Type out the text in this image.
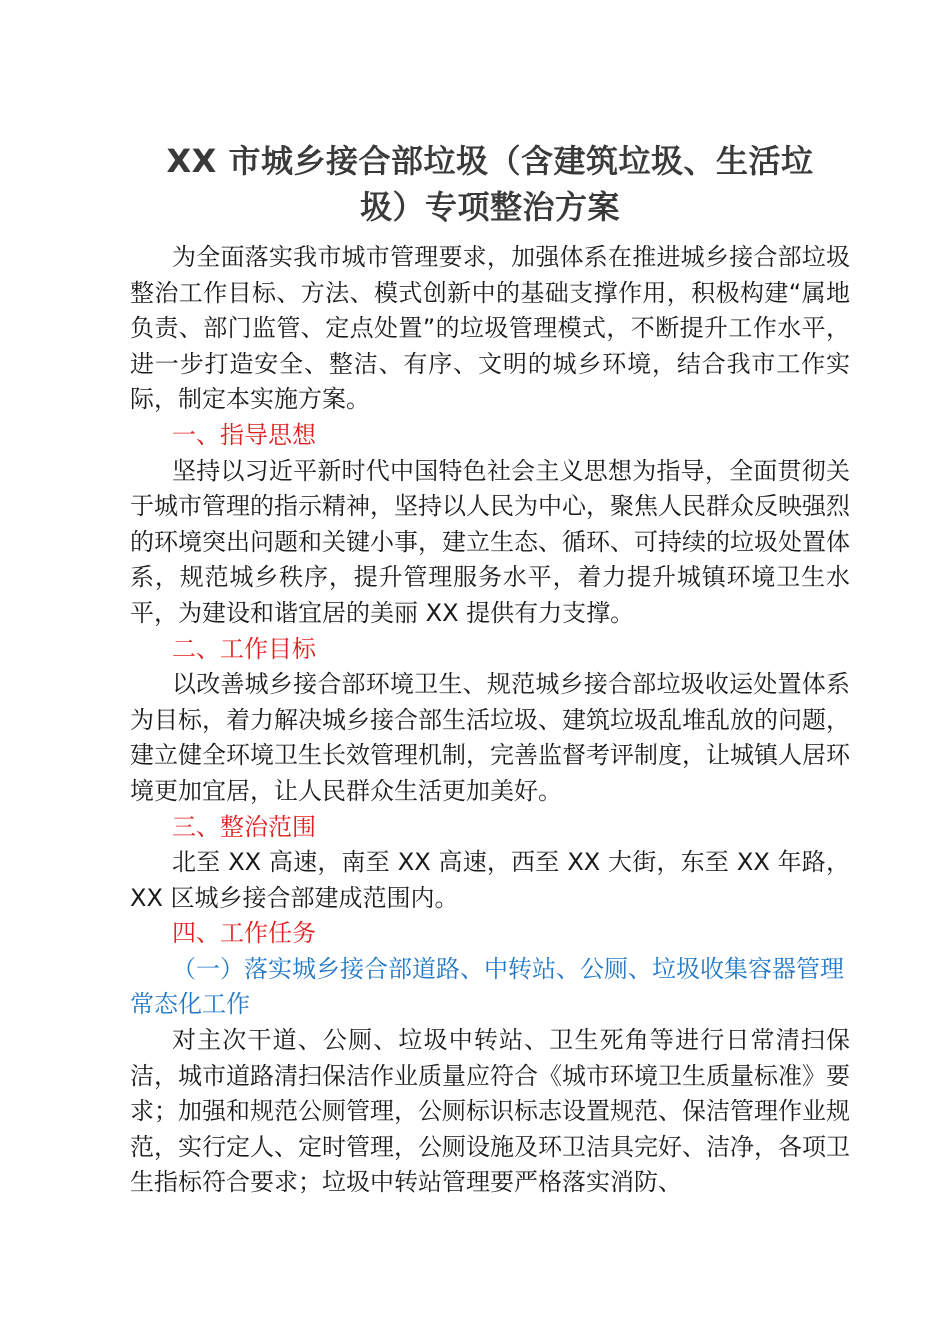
XX 市城乡接合部垃圾（含建筑垃圾、生活垃
圾）专项整治方案

为全面落实我市城市管理要求，加强体系在推进城乡接合部垃圾整治工作目标、方法、模式创新中的基础支撑作用，积极构建“属地负责、部门监管、定点处置”的垃圾管理模式，不断提升工作水平，进一步打造安全、整洁、有序、文明的城乡环境，结合我市工作实际，制定本实施方案。

一、指导思想

坚持以习近平新时代中国特色社会主义思想为指导，全面贯彻关于城市管理的指示精神，坚持以人民为中心，聚焦人民群众反映强烈的环境突出问题和关键小事，建立生态、循环、可持续的垃圾处置体系，规范城乡秩序，提升管理服务水平，着力提升城镇环境卫生水平，为建设和谐宜居的美丽 XX 提供有力支撑。

二、工作目标

以改善城乡接合部环境卫生、规范城乡接合部垃圾收运处置体系为目标，着力解决城乡接合部生活垃圾、建筑垃圾乱堆乱放的问题，建立健全环境卫生长效管理机制，完善监督考评制度，让城镇人居环境更加宜居，让人民群众生活更加美好。

三、整治范围

北至 XX 高速，南至 XX 高速，西至 XX 大街，东至 XX 年路，XX 区城乡接合部建成范围内。

四、工作任务
（一）落实城乡接合部道路、中转站、公厕、垃圾收集容器管理常态化工作

对主次干道、公厕、垃圾中转站、卫生死角等进行日常清扫保洁，城市道路清扫保洁作业质量应符合《城市环境卫生质量标准》要求；加强和规范公厕管理，公厕标识标志设置规范、保洁管理作业规范，实行定人、定时管理，公厕设施及环卫洁具完好、洁净，各项卫生指标符合要求；垃圾中转站管理要严格落实消防、
